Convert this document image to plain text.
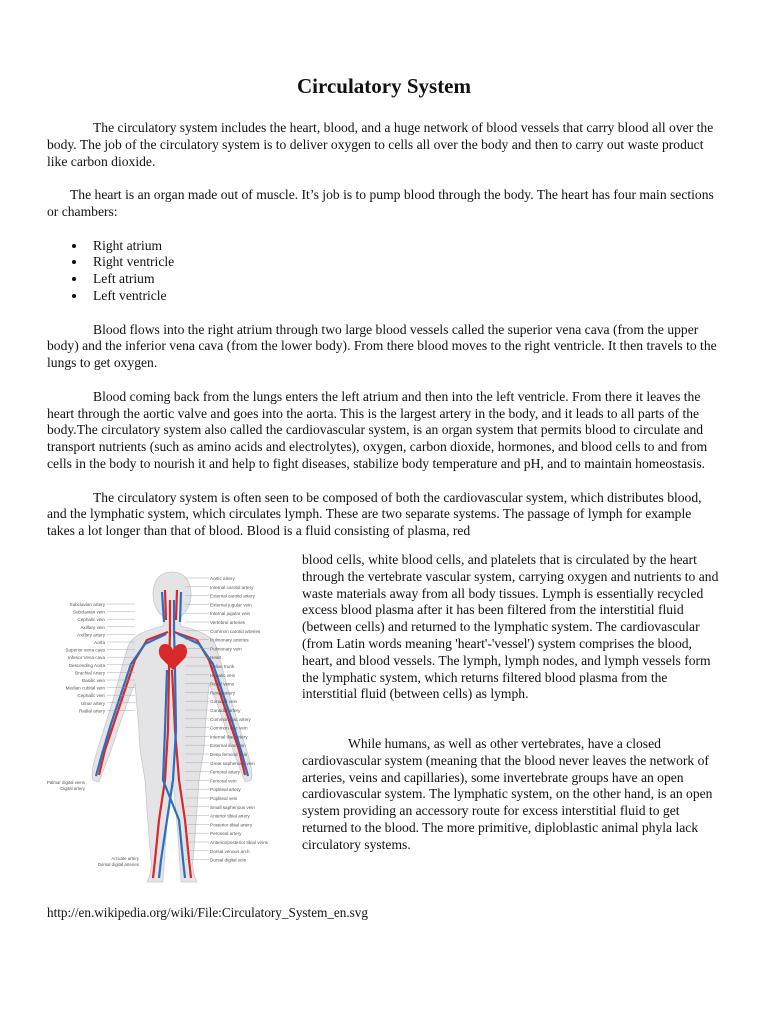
Circulatory System

The circulatory system includes the heart, blood, and a huge network of blood vessels that carry blood all over the body. The job of the circulatory system is to deliver oxygen to cells all over the body and then to carry out waste product like carbon dioxide.

The heart is an organ made out of muscle. It’s job is to pump blood through the body. The heart has four main sections or chambers:

Right atrium
Right ventricle
Left atrium
Left ventricle

Blood flows into the right atrium through two large blood vessels called the superior vena cava (from the upper body) and the inferior vena cava (from the lower body). From there blood moves to the right ventricle. It then travels to the lungs to get oxygen.

Blood coming back from the lungs enters the left atrium and then into the left ventricle. From there it leaves the heart through the aortic valve and goes into the aorta. This is the largest artery in the body, and it leads to all parts of the body.The circulatory system also called the cardiovascular system, is an organ system that permits blood to circulate and transport nutrients (such as amino acids and electrolytes), oxygen, carbon dioxide, hormones, and blood cells to and from cells in the body to nourish it and help to fight diseases, stabilize body temperature and pH, and to maintain homeostasis.

The circulatory system is often seen to be composed of both the cardiovascular system, which distributes blood, and the lymphatic system, which circulates lymph. These are two separate systems. The passage of lymph for example takes a lot longer than that of blood. Blood is a fluid consisting of plasma, red

Aortic artery
Internal carotid artery
External carotid artery
External jugular vein
Internal jugular vein
Vertebral arteries
Common carotid arteries
Pulmonary arteries
Pulmonary vein
Heart
Celiac trunk
Hepatic vein
Renal veins
Renal artery
Gonadal vein
Gonadal artery
Common iliac artery
Common iliac vein
Internal iliac artery
External iliac vein
Deep femoral vein
Great saphenous vein
Femoral artery
Femoral vein
Popliteal artery
Popliteal vein
Small saphenous vein
Anterior tibial artery
Posterior tibial artery
Peroneal artery
Anterior/posterior tibial veins
Dorsal venous arch
Dorsal digital vein
Subclavian artery
Subclavian vein
Cephalic vein
Axillary vein
Axillary artery
Aorta
Superior vena cava
Inferior Vena cava
Descending Aorta
Brachial Artery
Basilic vein
Median cubital vein
Cephalic vein
Ulnar artery
Radial artery
Palmar digital veins
Digital artery
Arcuate artery
Dorsal digital arteries
While humans, as well as other vertebrates, have a closed cardiovascular system (meaning that the blood never leaves the network of arteries, veins and capillaries), some invertebrate groups have an open cardiovascular system. The lymphatic system, on the other hand, is an open system providing an accessory route for excess interstitial fluid to get returned to the blood. The more primitive, diploblastic animal phyla lack circulatory systems.
http://en.wikipedia.org/wiki/File:Circulatory_System_en.svg
blood cells, white blood cells, and platelets that is circulated by the heart through the vertebrate vascular system, carrying oxygen and nutrients to and waste materials away from all body tissues. Lymph is essentially recycled excess blood plasma after it has been filtered from the interstitial fluid (between cells) and returned to the lymphatic system. The cardiovascular (from Latin words meaning 'heart'-'vessel') system comprises the blood, heart, and blood vessels. The lymph, lymph nodes, and lymph vessels form the lymphatic system, which returns filtered blood plasma from the interstitial fluid (between cells) as lymph.
